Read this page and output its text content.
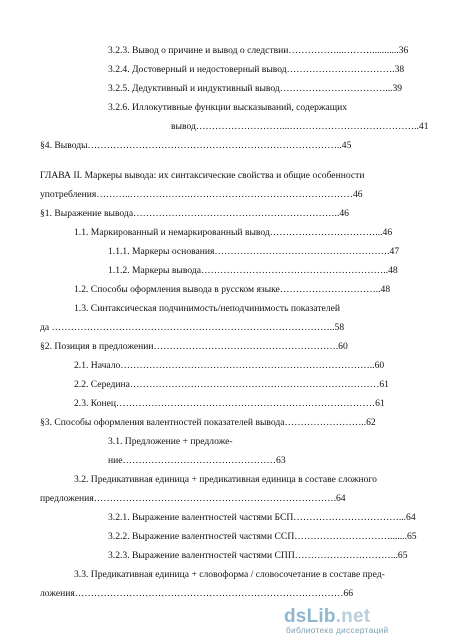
3.2.3. Вывод о причине и вывод о следствии……………...………...........36
3.2.4. Достоверный и недостоверный вывод…………………………….38
3.2.5. Дедуктивный и индуктивный вывод……………………………...39
3.2.6. Иллокутивные функции высказываний, содержащих
вывод………………………...…………………………………..41
§4. Выводы……………………………………………………………………..45
ГЛАВА II. Маркеры вывода: их синтаксические свойства и общие особенности
употребления………..……………….……………………………………………46
§1. Выражение вывода………………………………………………………..46
1.1. Маркированный и немаркированный вывод……………………………...46
1.1.1. Маркеры основания……………………………………………….47
1.1.2. Маркеры вывода…………………………………………………..48
1.2. Способы оформления вывода в русском языке…………………………..48
1.3. Синтаксическая подчинимость/неподчинимость показателей
да ……………………………………………………………………………..58
§2. Позиция в предложении………………………………………………….60
2.1. Начало……………………………………………………………………..60
2.2. Середина……………………………………………………………………61
2.3. Конец………………………………………………………………………61
§3. Способы оформления валентностей показателей вывода……………………..62
3.1. Предложение + предложе-
ние…………………………………………63
3.2. Предикативная единица + предикативная единица в составе сложного
предложения………………………………………………………………….64
3.2.1. Выражение валентностей частями БСП……………………………...64
3.2.2. Выражение валентностей частями ССП………………………….......65
3.2.3. Выражение валентностей частями СПП…………………………...65
3.3. Предикативная единица + словоформа / словосочетание в составе пред-
ложения…………………………………………………………………………66
dsLib.net
библиотека диссертаций
